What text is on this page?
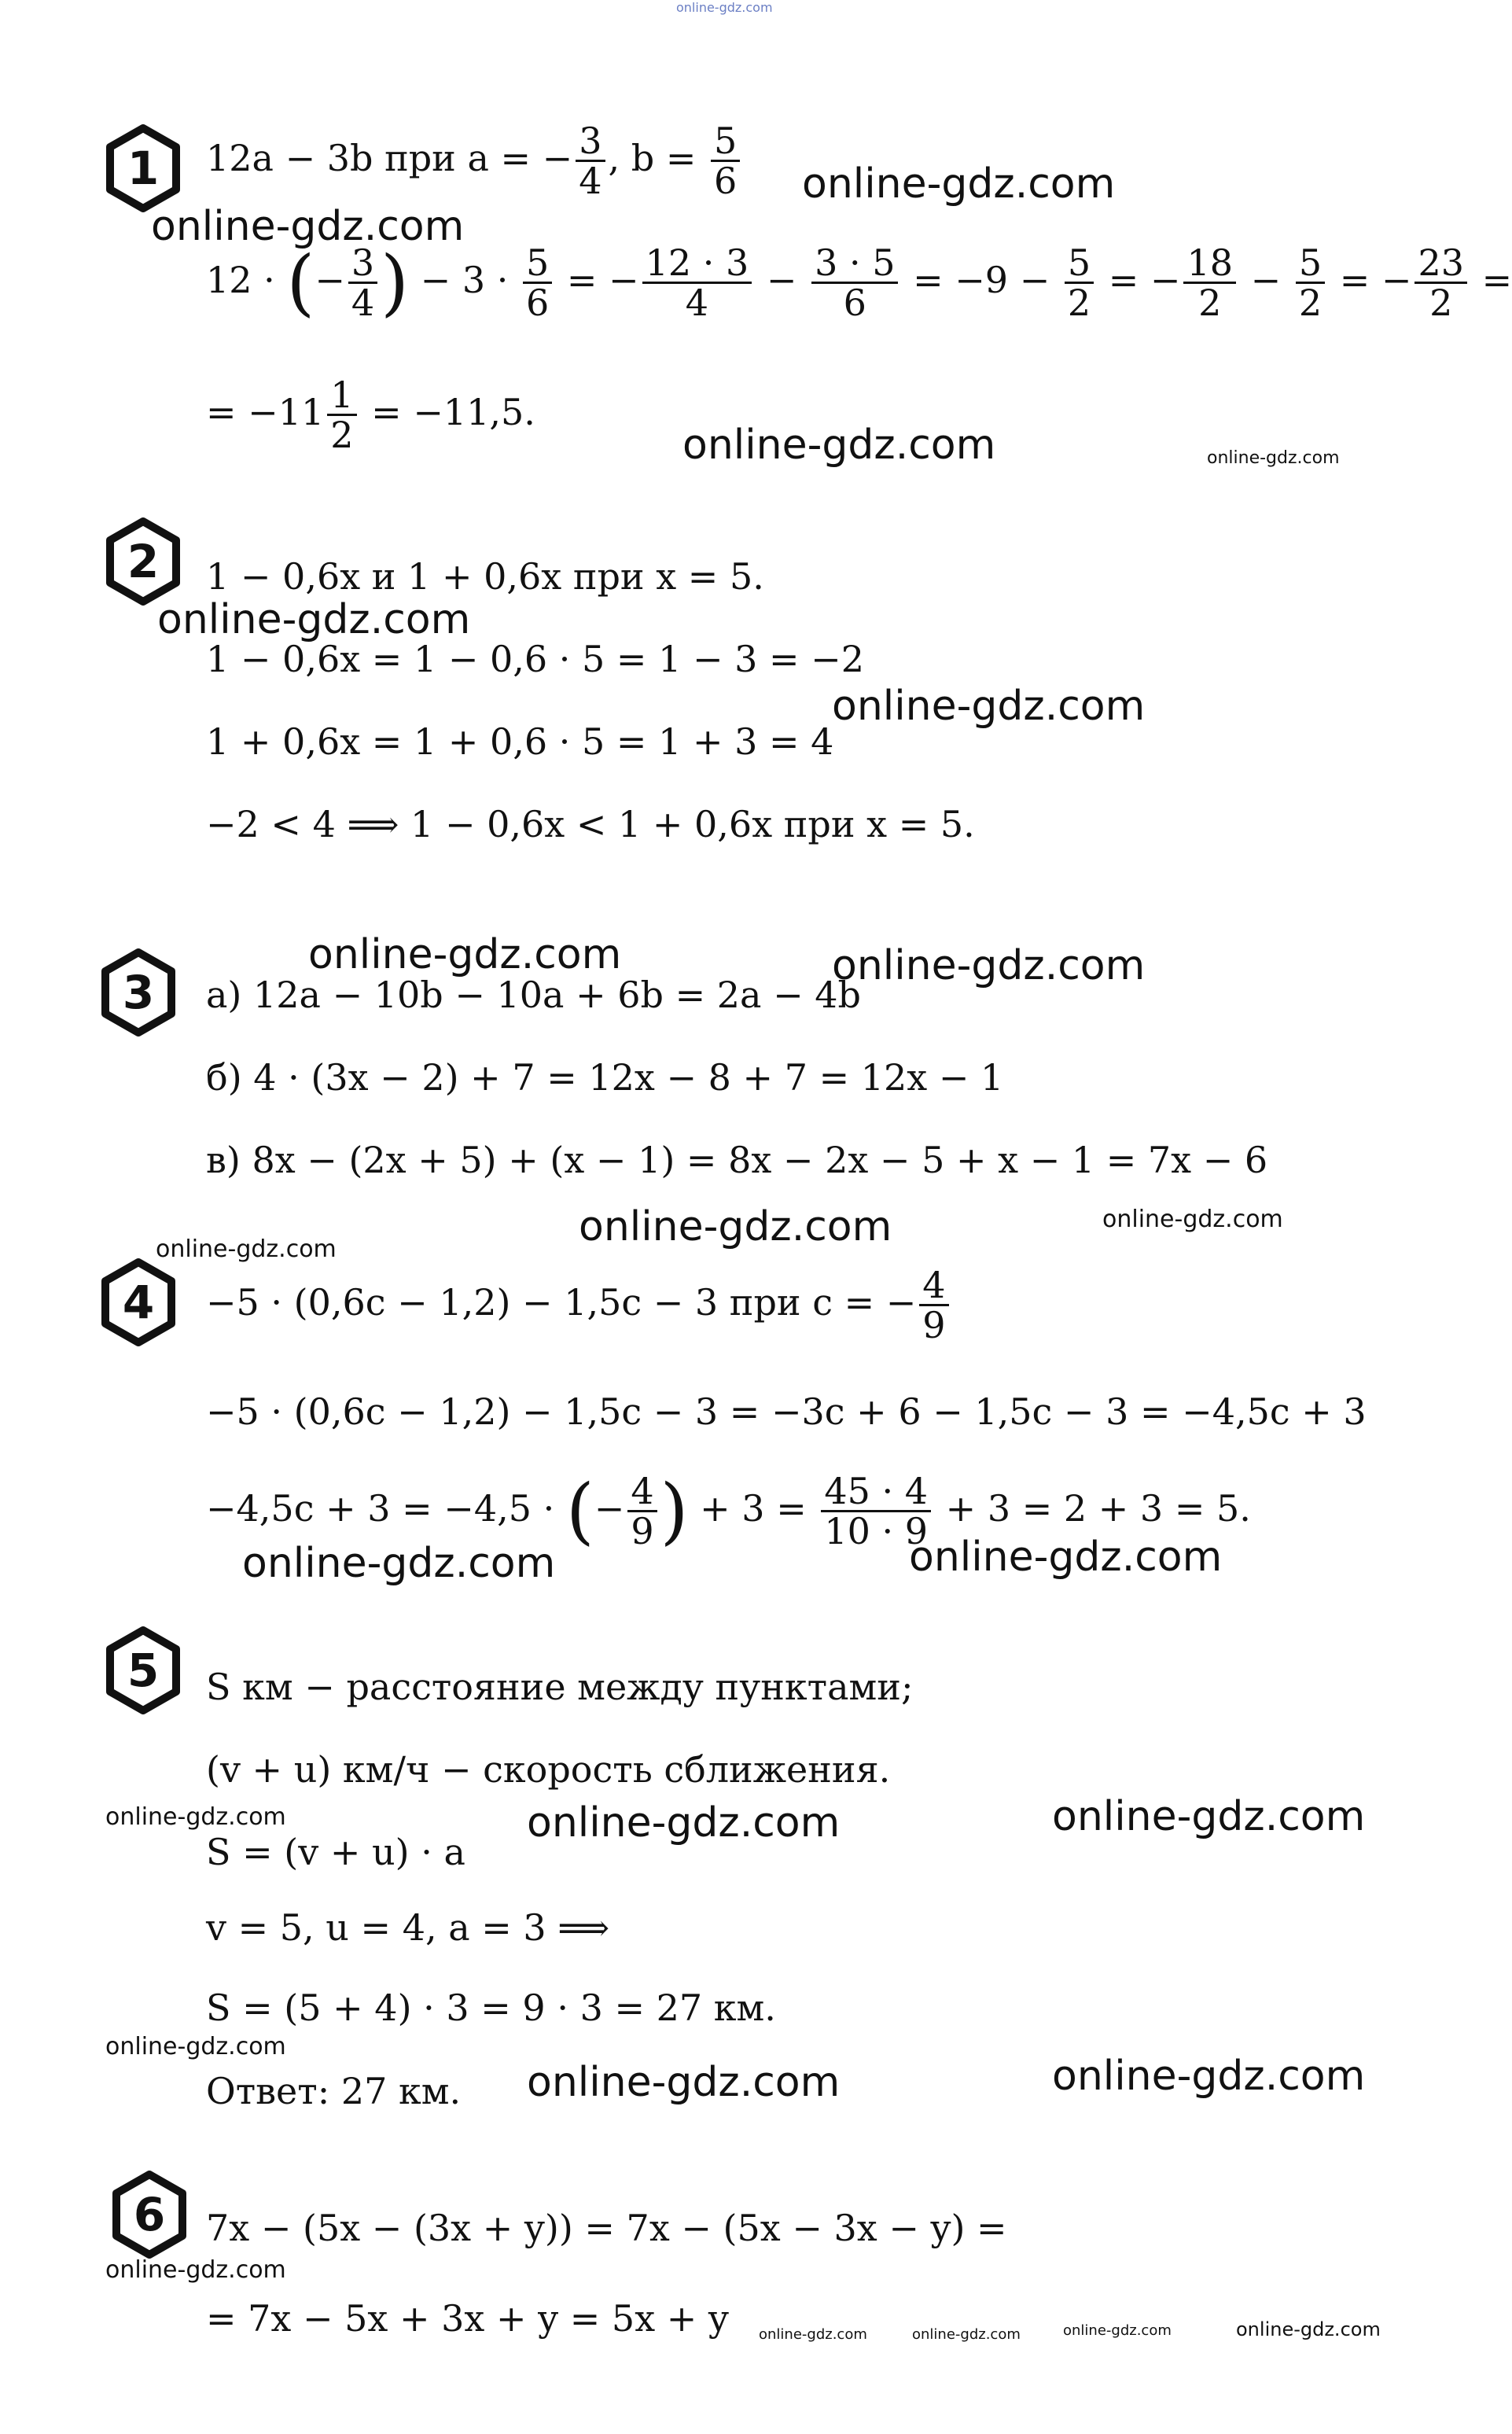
online-gdz.com
1	12a − 3b при a = − $\frac{3}{4}$ , $b = \frac{5}{6}$
12 · (− $\frac{3}{4}$ ) − $3 \cdot \frac{5}{6}$ = − $\frac{12 \cdot 3}{4} - \frac{3 \cdot 5}{6} = -9 - \frac{5}{2}$ = − $\frac{18}{2} - \frac{5}{2}$ = − $\frac{23}{2}$ =
= $-11 \frac{1}{2} = -11,5$.
2	1 − 0,6x и 1 + 0,6x при x = 5.
1 − 0,6x = 1 − 0,6 · 5 = 1 − 3 = −2
1 + 0,6x = 1 + 0,6 · 5 = 1 + 3 = 4
−2 < 4 ⟹ 1 − 0,6x < 1 + 0,6x при x = 5.
3	а) 12a − 10b − 10a + 6b = 2a − 4b
б) 4 · (3x − 2) + 7 = 12x − 8 + 7 = 12x − 1
в) 8x − (2x + 5) + (x − 1) = 8x − 2x − 5 + x − 1 = 7x − 6
4	−5 · (0,6c − 1,2) − 1,5c − 3 при c = − $\frac{4}{9}$
−5 · (0,6c − 1,2) − 1,5c − 3 = −3c + 6 − 1,5c − 3 = −4,5c + 3
−4,5c + 3 = −4,5 · (− $\frac{4}{9}$ ) + $3 = \frac{45 \cdot 4}{10 \cdot 9} + 3 = 2 + 3 = 5$.
5	S км − расстояние между пунктами;
(v + u) км/ч − скорость сближения.
S = (v + u) · a
v = 5, u = 4, a = 3 ⟹
S = (5 + 4) · 3 = 9 · 3 = 27 км.
Ответ: 27 км.
6	7x − (5x − (3x + y)) = 7x − (5x − 3x − y) =
= 7x − 5x + 3x + y = 5x + y
online-gdz.com
online-gdz.com
online-gdz.com	online-gdz.com
online-gdz.com
online-gdz.com
online-gdz.com	online-gdz.com
online-gdz.com	online-gdz.com
online-gdz.com
online-gdz.com	online-gdz.com
online-gdz.com	online-gdz.com	online-gdz.com
online-gdz.com
online-gdz.com	online-gdz.com
online-gdz.com
online-gdz.com	online-gdz.com	online-gdz.com	online-gdz.com
